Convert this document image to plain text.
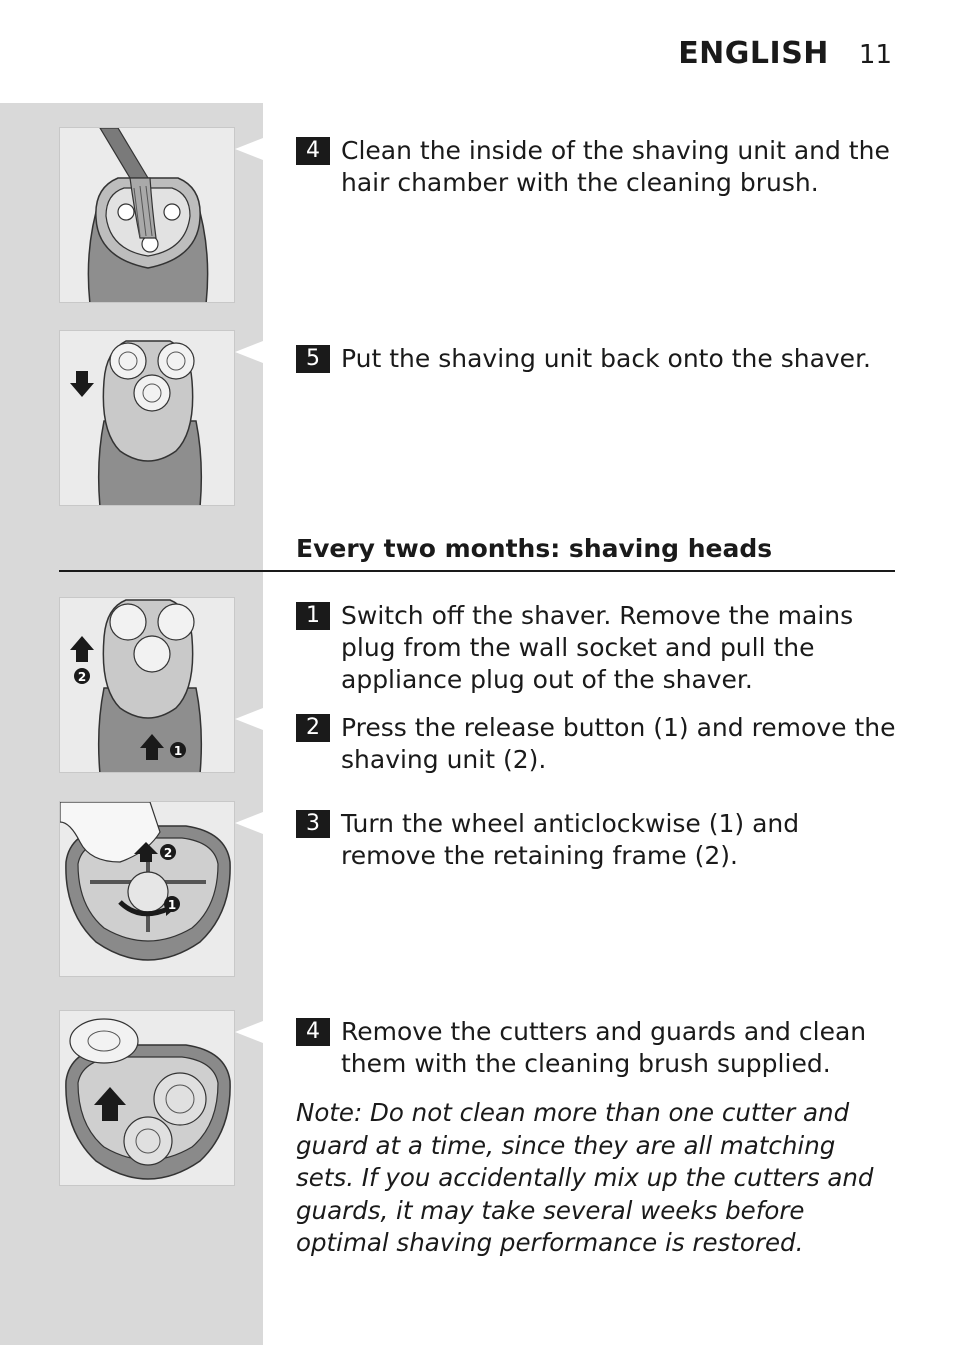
ENGLISH 11
2
1
2
1
4 Clean the inside of the shaving unit and the hair chamber with the cleaning brush.
5 Put the shaving unit back onto the shaver.
Every two months: shaving heads
1 Switch off the shaver. Remove the mains plug from the wall socket and pull the appliance plug out of the shaver.
2 Press the release button (1) and remove the shaving unit (2).
3 Turn the wheel anticlockwise (1) and remove the retaining frame (2).
4 Remove the cutters and guards and clean them with the cleaning brush supplied.
Note: Do not clean more than one cutter and guard at a time, since they are all matching sets. If you accidentally mix up the cutters and guards, it may take several weeks before optimal shaving performance is restored.
